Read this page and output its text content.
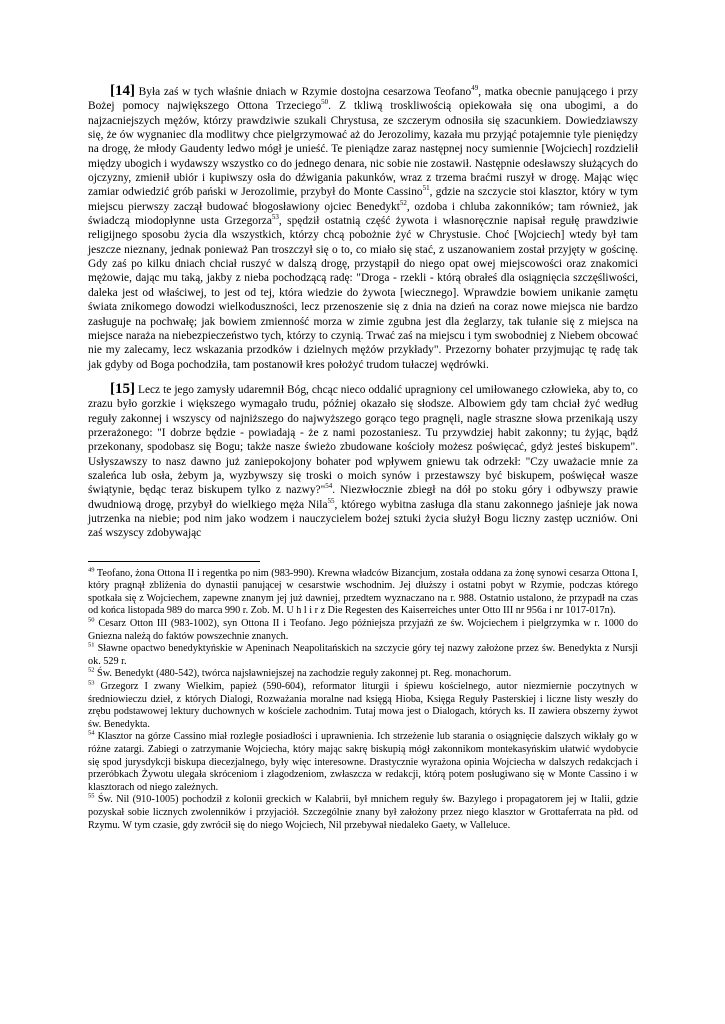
[14] Była zaś w tych właśnie dniach w Rzymie dostojna cesarzowa Teofano$^{49}$, matka obecnie panującego i przy Bożej pomocy największego Ottona Trzeciego$^{50}$. Z tkliwą troskliwością opiekowała się ona ubogimi, a do najzacniejszych mężów, którzy prawdziwie szukali Chrystusa, ze szczerym odnosiła się szacunkiem. Dowiedziawszy się, że ów wygnaniec dla modlitwy chce pielgrzymować aż do Jerozolimy, kazała mu przyjąć potajemnie tyle pieniędzy na drogę, że młody Gaudenty ledwo mógł je unieść. Te pieniądze zaraz następnej nocy sumiennie [Wojciech] rozdzielił między ubogich i wydawszy wszystko co do jednego denara, nic sobie nie zostawił. Następnie odesławszy służących do ojczyzny, zmienił ubiór i kupiwszy osła do dźwigania pakunków, wraz z trzema braćmi ruszył w drogę. Mając więc zamiar odwiedzić grób pański w Jerozolimie, przybył do Monte Cassino$^{51}$, gdzie na szczycie stoi klasztor, który w tym miejscu pierwszy zaczął budować błogosławiony ojciec Benedykt$^{52}$, ozdoba i chluba zakonników; tam również, jak świadczą miodopłynne usta Grzegorza$^{53}$, spędził ostatnią część żywota i własnoręcznie napisał regułę prawdziwie religijnego sposobu życia dla wszystkich, którzy chcą pobożnie żyć w Chrystusie. Choć [Wojciech] wtedy był tam jeszcze nieznany, jednak ponieważ Pan troszczył się o to, co miało się stać, z uszanowaniem został przyjęty w gościnę. Gdy zaś po kilku dniach chciał ruszyć w dalszą drogę, przystąpił do niego opat owej miejscowości oraz znakomici mężowie, dając mu taką, jakby z nieba pochodzącą radę: "Droga - rzekli - którą obrałeś dla osiągnięcia szczęśliwości, daleka jest od właściwej, to jest od tej, która wiedzie do żywota [wiecznego]. Wprawdzie bowiem unikanie zamętu świata znikomego dowodzi wielkoduszności, lecz przenoszenie się z dnia na dzień na coraz nowe miejsca nie bardzo zasługuje na pochwałę; jak bowiem zmienność morza w zimie zgubna jest dla żeglarzy, tak tułanie się z miejsca na miejsce naraża na niebezpieczeństwo tych, którzy to czynią. Trwać zaś na miejscu i tym swobodniej z Niebem obcować nie my zalecamy, lecz wskazania przodków i dzielnych mężów przykłady". Przezorny bohater przyjmując tę radę tak jak gdyby od Boga pochodziła, tam postanowił kres położyć trudom tułaczej wędrówki.

[15] Lecz te jego zamysły udaremnił Bóg, chcąc nieco oddalić upragniony cel umiłowanego człowieka, aby to, co zrazu było gorzkie i większego wymagało trudu, później okazało się słodsze. Albowiem gdy tam chciał żyć według reguły zakonnej i wszyscy od najniższego do najwyższego gorąco tego pragnęli, nagle straszne słowa przenikają uszy przerażonego: "I dobrze będzie - powiadają - że z nami pozostaniesz. Tu przywdziej habit zakonny; tu żyjąc, bądź przekonany, spodobasz się Bogu; także nasze świeżo zbudowane kościoły możesz poświęcać, gdyż jesteś biskupem". Usłyszawszy to nasz dawno już zaniepokojony bohater pod wpływem gniewu tak odrzekł: "Czy uważacie mnie za szaleńca lub osła, żebym ja, wyzbywszy się troski o moich synów i przestawszy być biskupem, poświęcał wasze świątynie, będąc teraz biskupem tylko z nazwy?"$^{54}$. Niezwłocznie zbiegł na dół po stoku góry i odbywszy prawie dwudniową drogę, przybył do wielkiego męża Nila$^{55}$, którego wybitna zasługa dla stanu zakonnego jaśnieje jak nowa jutrzenka na niebie; pod nim jako wodzem i nauczycielem bożej sztuki życia służył Bogu liczny zastęp uczniów. Oni zaś wszyscy zdobywając

$^{49}$ Teofano, żona Ottona II i regentka po nim (983-990). Krewna władców Bizancjum, została oddana za żonę synowi cesarza Ottona I, który pragnął zbliżenia do dynastii panującej w cesarstwie wschodnim. Jej dłuższy i ostatni pobyt w Rzymie, podczas którego spotkała się z Wojciechem, zapewne znanym jej już dawniej, przedtem wyznaczano na r. 988. Ostatnio ustalono, że przypadł na czas od końca listopada 989 do marca 990 r. Zob. M. U h l i r z Die Regesten des Kaiserreiches unter Otto III nr 956a i nr 1017-017n).

$^{50}$ Cesarz Otton III (983-1002), syn Ottona II i Teofano. Jego późniejsza przyjaźń ze św. Wojciechem i pielgrzymka w r. 1000 do Gniezna należą do faktów powszechnie znanych.

$^{51}$ Sławne opactwo benedyktyńskie w Apeninach Neapolitańskich na szczycie góry tej nazwy założone przez św. Benedykta z Nursji ok. 529 r.

$^{52}$ Św. Benedykt (480-542), twórca najsławniejszej na zachodzie reguły zakonnej pt. Reg. monachorum.

$^{53}$ Grzegorz I zwany Wielkim, papież (590-604), reformator liturgii i śpiewu kościelnego, autor niezmiernie poczytnych w średniowieczu dzieł, z których Dialogi, Rozważania moralne nad księgą Hioba, Księga Reguły Pasterskiej i liczne listy weszły do zrębu podstawowej lektury duchownych w kościele zachodnim. Tutaj mowa jest o Dialogach, których ks. II zawiera obszerny żywot św. Benedykta.

$^{54}$ Klasztor na górze Cassino miał rozległe posiadłości i uprawnienia. Ich strzeżenie lub starania o osiągnięcie dalszych wikłały go w różne zatargi. Zabiegi o zatrzymanie Wojciecha, który mając sakrę biskupią mógł zakonnikom montekasyńskim ułatwić wydobycie się spod jurysdykcji biskupa diecezjalnego, były więc interesowne. Drastycznie wyrażona opinia Wojciecha w dalszych redakcjach i przeróbkach Żywotu ulegała skróceniom i złagodzeniom, zwłaszcza w redakcji, którą potem posługiwano się w Monte Cassino i w klasztorach od niego zależnych.

$^{55}$ Św. Nil (910-1005) pochodził z kolonii greckich w Kalabrii, był mnichem reguły św. Bazylego i propagatorem jej w Italii, gdzie pozyskał sobie licznych zwolenników i przyjaciół. Szczególnie znany był założony przez niego klasztor w Grottaferrata na płd. od Rzymu. W tym czasie, gdy zwrócił się do niego Wojciech, Nil przebywał niedaleko Gaety, w Valleluce.
